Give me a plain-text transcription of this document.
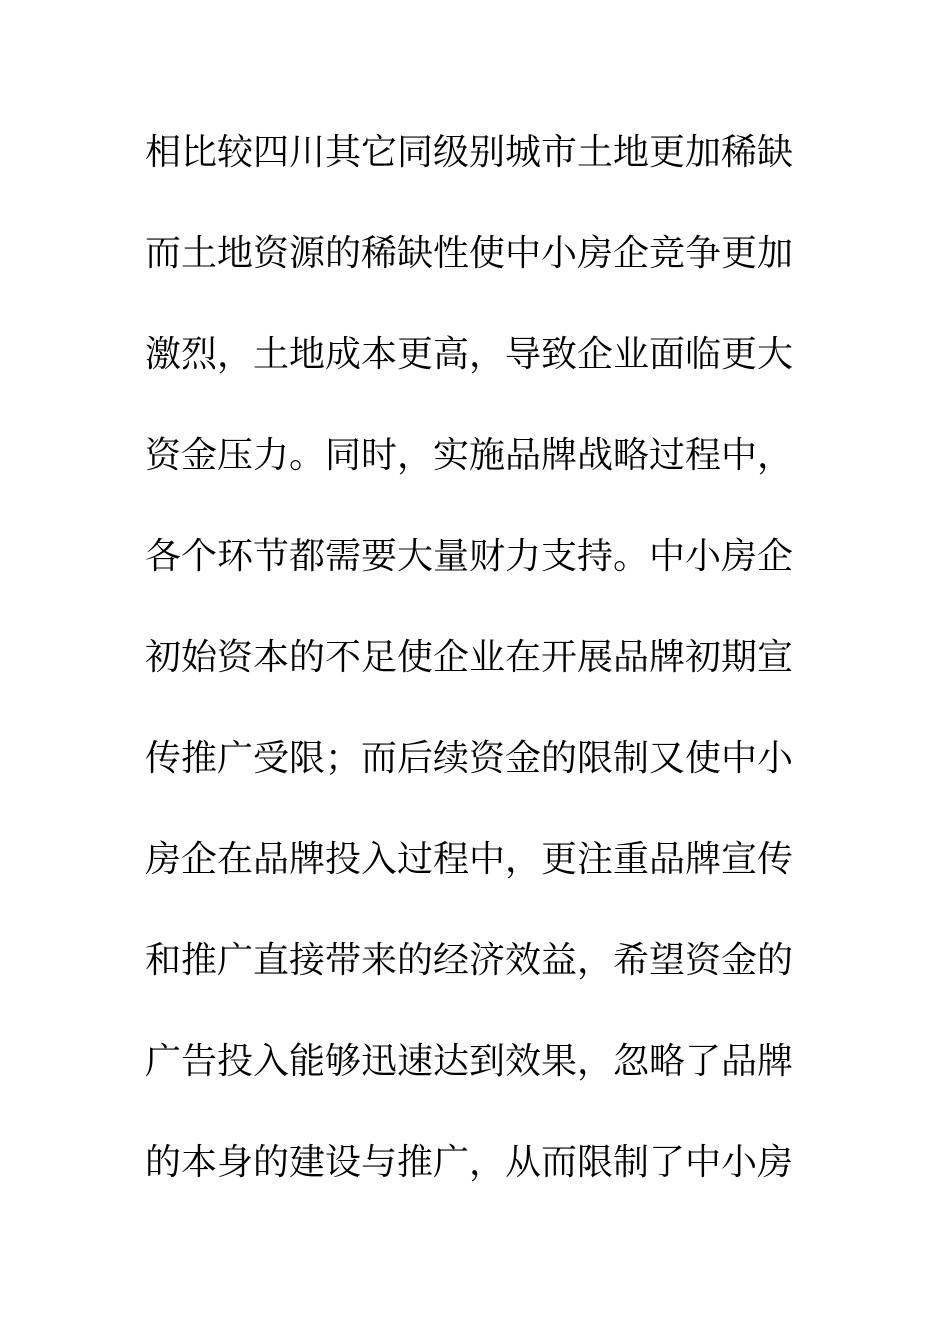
相比较四川其它同级别城市土地更加稀缺
而土地资源的稀缺性使中小房企竞争更加
激烈，土地成本更高，导致企业面临更大
资金压力。同时，实施品牌战略过程中，
各个环节都需要大量财力支持。中小房企
初始资本的不足使企业在开展品牌初期宣
传推广受限；而后续资金的限制又使中小
房企在品牌投入过程中，更注重品牌宣传
和推广直接带来的经济效益，希望资金的
广告投入能够迅速达到效果，忽略了品牌
的本身的建设与推广，从而限制了中小房
